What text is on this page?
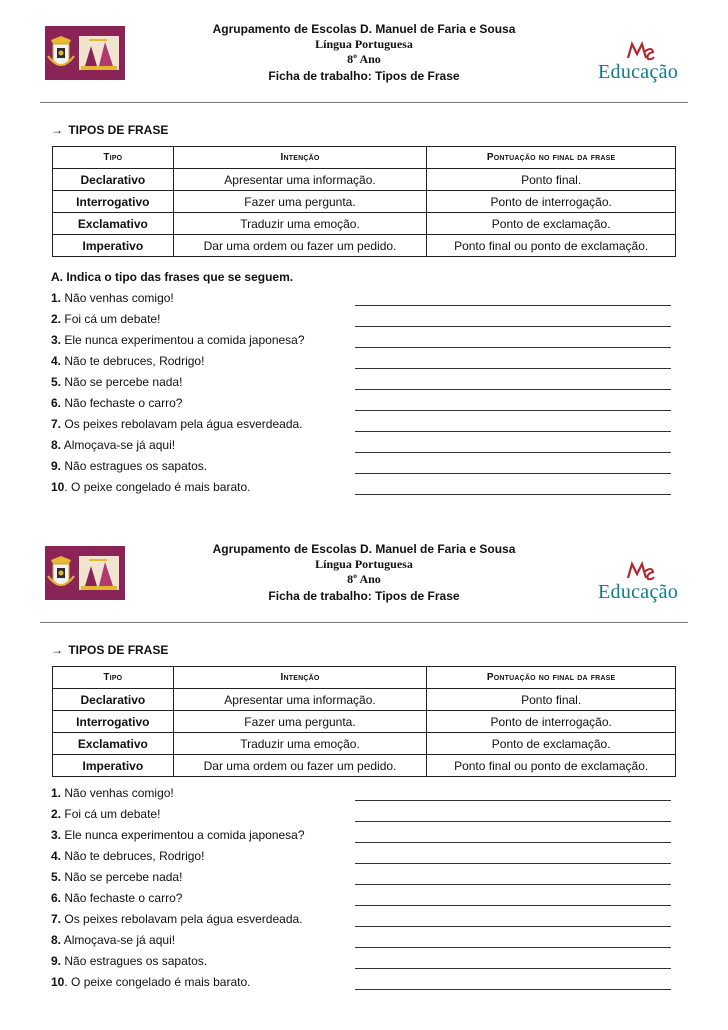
Agrupamento de Escolas D. Manuel de Faria e Sousa
Língua Portuguesa
8º Ano
Ficha de trabalho: Tipos de Frase	Educação
→ TIPOS DE FRASE
Tipo	Intenção	Pontuação no final da frase
Declarativo	Apresentar uma informação.	Ponto final.
Interrogativo	Fazer uma pergunta.	Ponto de interrogação.
Exclamativo	Traduzir uma emoção.	Ponto de exclamação.
Imperativo	Dar uma ordem ou fazer um pedido.	Ponto final ou ponto de exclamação.
A. Indica o tipo das frases que se seguem.
1. Não venhas comigo!
2. Foi cá um debate!
3. Ele nunca experimentou a comida japonesa?
4. Não te debruces, Rodrigo!
5. Não se percebe nada!
6. Não fechaste o carro?
7. Os peixes rebolavam pela água esverdeada.
8. Almoçava-se já aqui!
9. Não estragues os sapatos.
10. O peixe congelado é mais barato.
Agrupamento de Escolas D. Manuel de Faria e Sousa
Língua Portuguesa
8º Ano
Ficha de trabalho: Tipos de Frase	Educação
→ TIPOS DE FRASE
Tipo	Intenção	Pontuação no final da frase
Declarativo	Apresentar uma informação.	Ponto final.
Interrogativo	Fazer uma pergunta.	Ponto de interrogação.
Exclamativo	Traduzir uma emoção.	Ponto de exclamação.
Imperativo	Dar uma ordem ou fazer um pedido.	Ponto final ou ponto de exclamação.
1. Não venhas comigo!
2. Foi cá um debate!
3. Ele nunca experimentou a comida japonesa?
4. Não te debruces, Rodrigo!
5. Não se percebe nada!
6. Não fechaste o carro?
7. Os peixes rebolavam pela água esverdeada.
8. Almoçava-se já aqui!
9. Não estragues os sapatos.
10. O peixe congelado é mais barato.
